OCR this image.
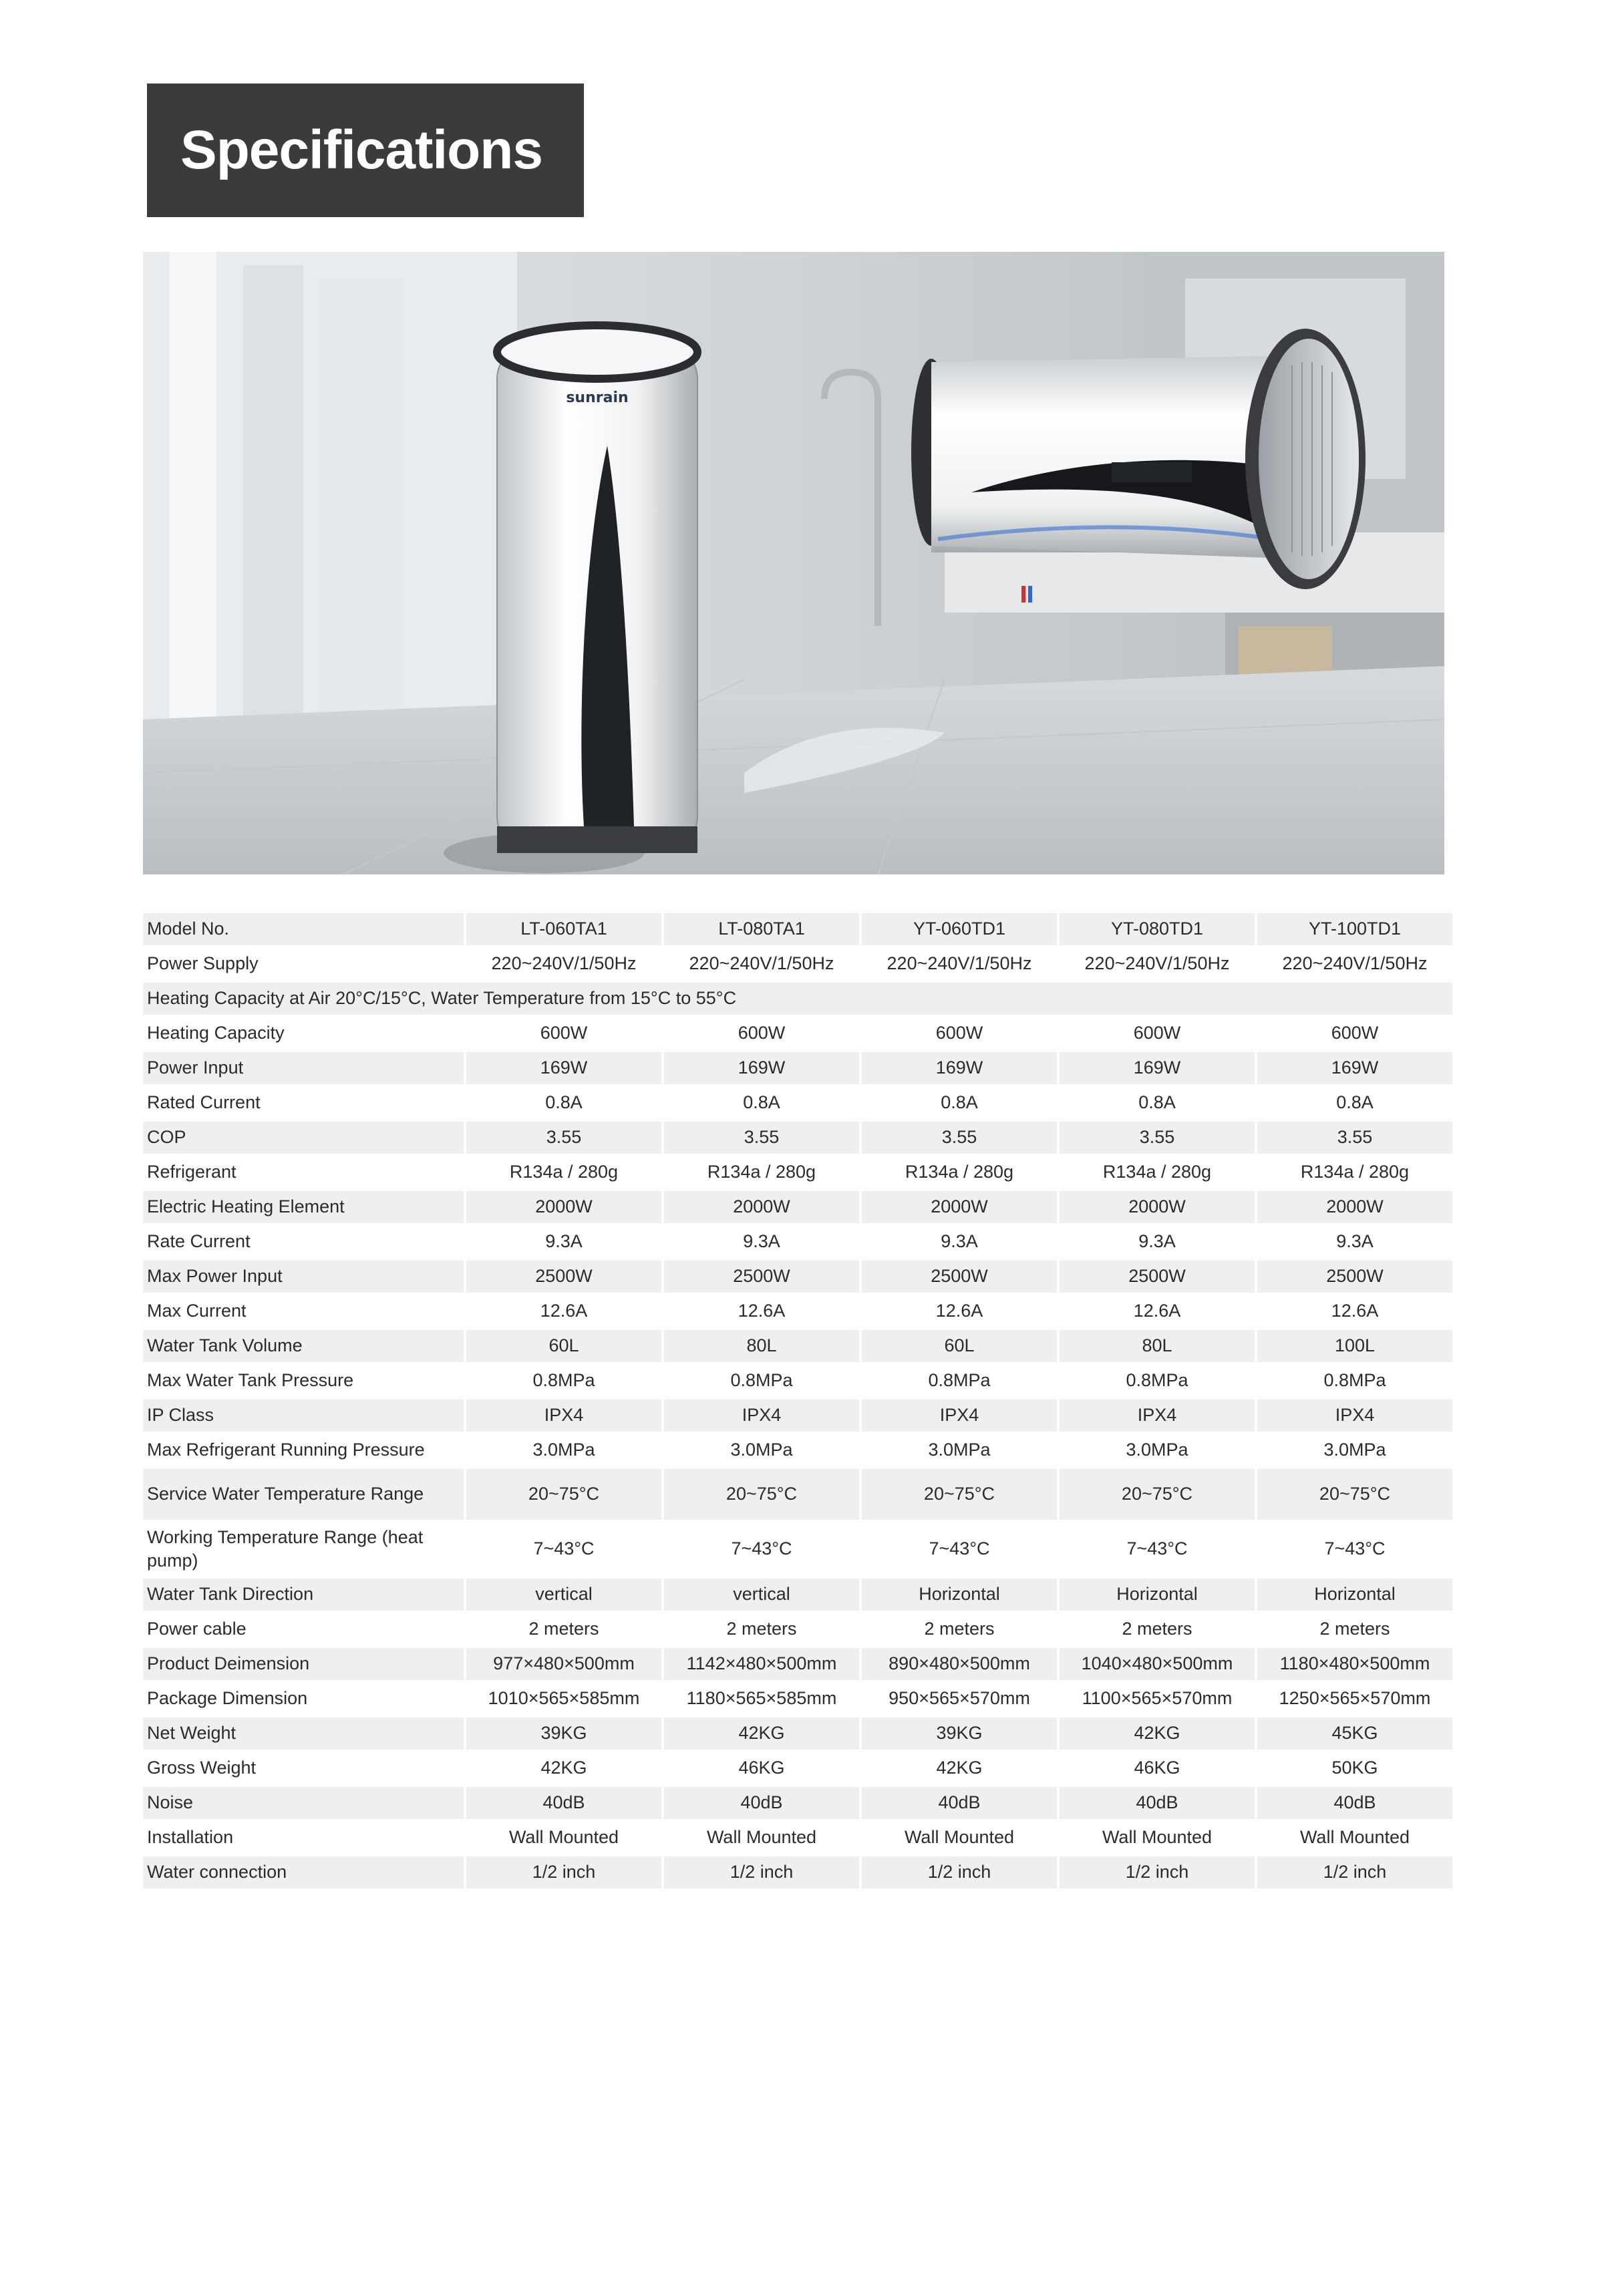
Specifications
sunrain
Model No.	LT-060TA1	LT-080TA1	YT-060TD1	YT-080TD1	YT-100TD1
Power Supply	220~240V/1/50Hz	220~240V/1/50Hz	220~240V/1/50Hz	220~240V/1/50Hz	220~240V/1/50Hz
Heating Capacity at Air 20°C/15°C, Water Temperature from 15°C to 55°C					
Heating Capacity	600W	600W	600W	600W	600W
Power Input	169W	169W	169W	169W	169W
Rated Current	0.8A	0.8A	0.8A	0.8A	0.8A
COP	3.55	3.55	3.55	3.55	3.55
Refrigerant	R134a / 280g	R134a / 280g	R134a / 280g	R134a / 280g	R134a / 280g
Electric Heating Element	2000W	2000W	2000W	2000W	2000W
Rate Current	9.3A	9.3A	9.3A	9.3A	9.3A
Max Power Input	2500W	2500W	2500W	2500W	2500W
Max Current	12.6A	12.6A	12.6A	12.6A	12.6A
Water Tank Volume	60L	80L	60L	80L	100L
Max Water Tank Pressure	0.8MPa	0.8MPa	0.8MPa	0.8MPa	0.8MPa
IP Class	IPX4	IPX4	IPX4	IPX4	IPX4
Max Refrigerant Running Pressure	3.0MPa	3.0MPa	3.0MPa	3.0MPa	3.0MPa
Service Water Temperature Range	20~75°C	20~75°C	20~75°C	20~75°C	20~75°C
Working Temperature Range (heat pump)	7~43°C	7~43°C	7~43°C	7~43°C	7~43°C
Water Tank Direction	vertical	vertical	Horizontal	Horizontal	Horizontal
Power cable	2 meters	2 meters	2 meters	2 meters	2 meters
Product Deimension	977×480×500mm	1142×480×500mm	890×480×500mm	1040×480×500mm	1180×480×500mm
Package Dimension	1010×565×585mm	1180×565×585mm	950×565×570mm	1100×565×570mm	1250×565×570mm
Net Weight	39KG	42KG	39KG	42KG	45KG
Gross Weight	42KG	46KG	42KG	46KG	50KG
Noise	40dB	40dB	40dB	40dB	40dB
Installation	Wall Mounted	Wall Mounted	Wall Mounted	Wall Mounted	Wall Mounted
Water connection	1/2 inch	1/2 inch	1/2 inch	1/2 inch	1/2 inch
